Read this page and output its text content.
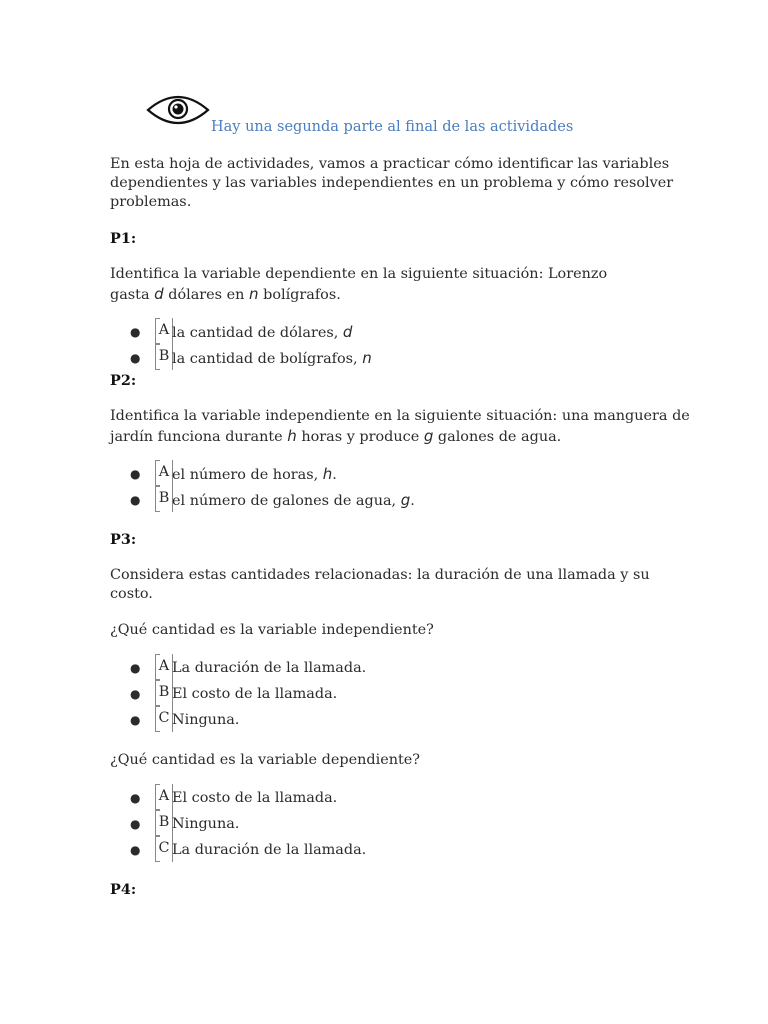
Hay una segunda parte al final de las actividades
En esta hoja de actividades, vamos a practicar cómo identificar las variables
dependientes y las variables independientes en un problema y cómo resolver
problemas.
P1:
Identifica la variable dependiente en la siguiente situación: Lorenzo
gasta d dólares en n bolígrafos.
● A la cantidad de dólares, d
● B la cantidad de bolígrafos, n
P2:
Identifica la variable independiente en la siguiente situación: una manguera de
jardín funciona durante h horas y produce g galones de agua.
● A el número de horas, h.
● B el número de galones de agua, g.
P3:
Considera estas cantidades relacionadas: la duración de una llamada y su
costo.
¿Qué cantidad es la variable independiente?
● A La duración de la llamada.
● B El costo de la llamada.
● C Ninguna.
¿Qué cantidad es la variable dependiente?
● A El costo de la llamada.
● B Ninguna.
● C La duración de la llamada.
P4:
